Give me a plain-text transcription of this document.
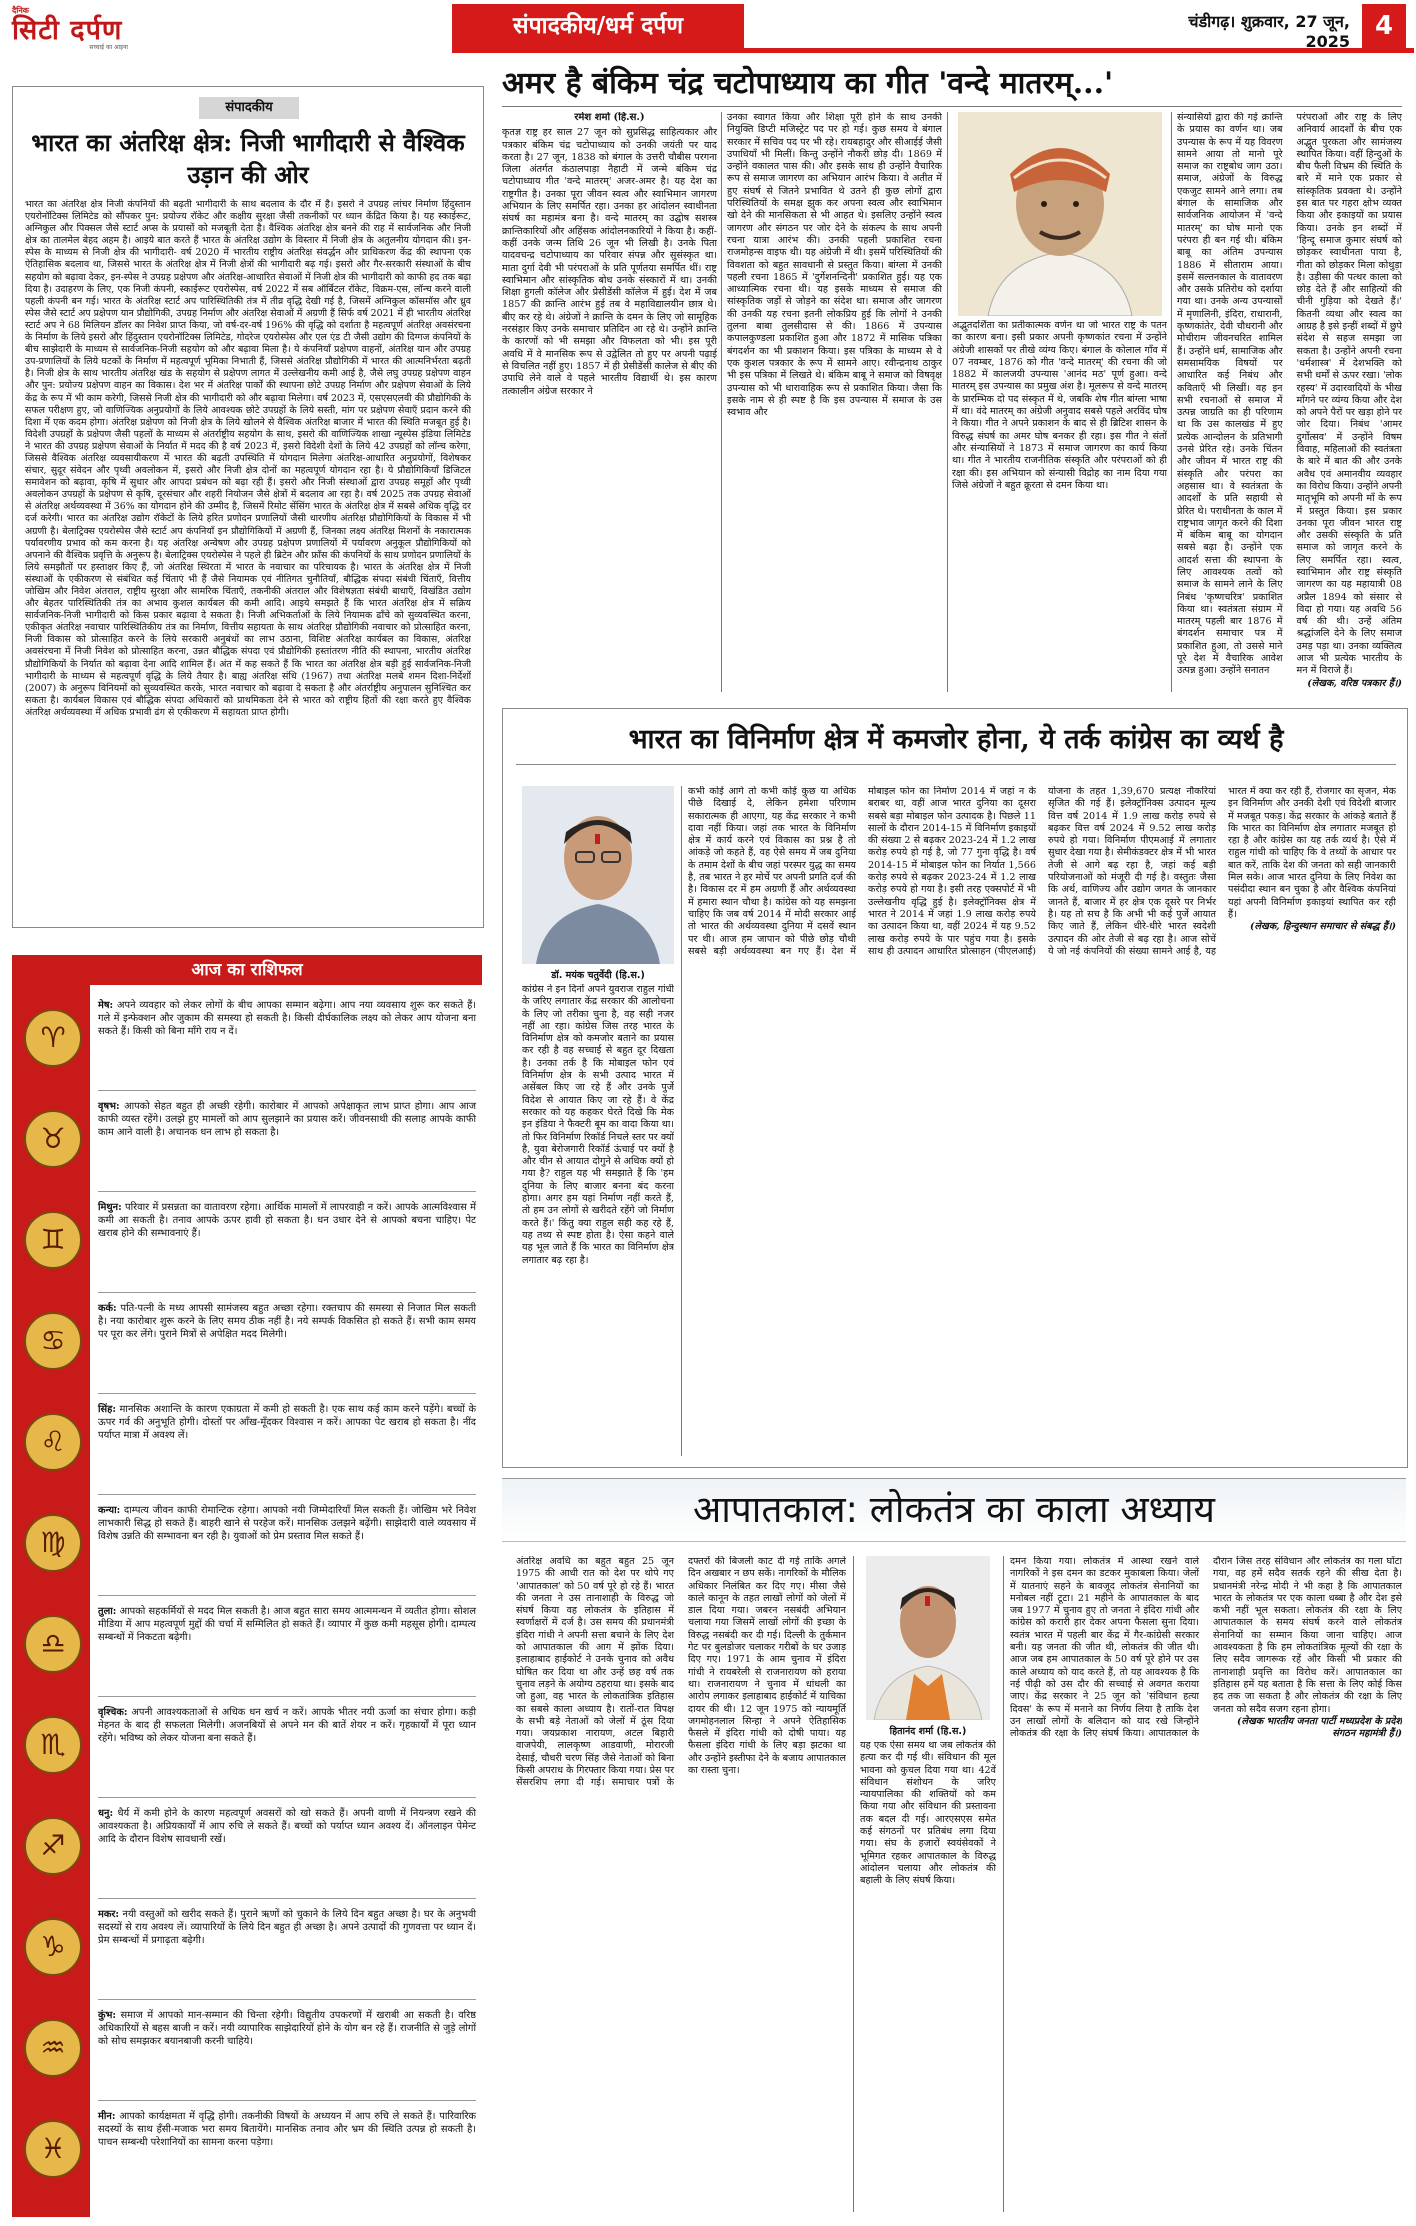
दैनिक
सिटी दर्पण
सच्चाई का आइना
संपादकीय/धर्म दर्पण	चंडीगढ़। शुक्रवार, 27 जून, 2025
4
संपादकीय
भारत का अंतरिक्ष क्षेत्र: निजी भागीदारी से वैश्विक उड़ान की ओर
भारत का अंतरिक्ष क्षेत्र निजी कंपनियों की बढ़ती भागीदारी के साथ बदलाव के दौर में है। इसरो ने उपग्रह लांचर निर्माण हिंदुस्तान एयरोनॉटिक्स लिमिटेड को सौंपकर पुन: प्रयोज्य रॉकेट और कक्षीय सुरक्षा जैसी तकनीकों पर ध्यान केंद्रित किया है। यह स्काईरूट, अग्निकुल और पिक्सल जैसे स्टार्ट अप्स के प्रयासों को मजबूती देता है। वैश्विक अंतरिक्ष क्षेत्र बनने की राह में सार्वजनिक और निजी क्षेत्र का तालमेल बेहद अहम है। आइये बात करते हैं भारत के अंतरिक्ष उद्योग के विस्तार में निजी क्षेत्र के अतुलनीय योगदान की। इन-स्पेस के माध्यम से निजी क्षेत्र की भागीदारी- वर्ष 2020 में भारतीय राष्ट्रीय अंतरिक्ष संवर्द्धन और प्राधिकरण केंद्र की स्थापना एक ऐतिहासिक बदलाव था, जिससे भारत के अंतरिक्ष क्षेत्र में निजी क्षेत्रों की भागीदारी बढ़ गई। इसरो और गैर-सरकारी संस्थाओं के बीच सहयोग को बढ़ावा देकर, इन-स्पेस ने उपग्रह प्रक्षेपण और अंतरिक्ष-आधारित सेवाओं में निजी क्षेत्र की भागीदारी को काफी हद तक बढ़ा दिया है। उदाहरण के लिए, एक निजी कंपनी, स्काईरूट एयरोस्पेस, वर्ष 2022 में सब ऑर्बिटल रॉकेट, विक्रम-एस, लॉन्च करने वाली पहली कंपनी बन गई। भारत के अंतरिक्ष स्टार्ट अप पारिस्थितिकी तंत्र में तीव्र वृद्धि देखी गई है, जिसमें अग्निकुल कॉसमॉस और ध्रुव स्पेस जैसे स्टार्ट अप प्रक्षेपण यान प्रौद्योगिकी, उपग्रह निर्माण और अंतरिक्ष सेवाओं में अग्रणी हैं सिर्फ वर्ष 2021 में ही भारतीय अंतरिक्ष स्टार्ट अप ने 68 मिलियन डॉलर का निवेश प्राप्त किया, जो वर्ष-दर-वर्ष 196% की वृद्धि को दर्शाता है महत्वपूर्ण अंतरिक्ष अवसंरचना के निर्माण के लिये इसरो और हिंदुस्तान एयरोनॉटिक्स लिमिटेड, गोदरेज एयरोस्पेस और एल एंड टी जैसी उद्योग की दिग्गज कंपनियों के बीच साझेदारी के माध्यम से सार्वजनिक-निजी सहयोग को और बढ़ावा मिला है। ये कंपनियाँ प्रक्षेपण वाहनों, अंतरिक्ष यान और उपग्रह उप-प्रणालियों के लिये घटकों के निर्माण में महत्वपूर्ण भूमिका निभाती हैं, जिससे अंतरिक्ष प्रौद्योगिकी में भारत की आत्मनिर्भरता बढ़ती है। निजी क्षेत्र के साथ भारतीय अंतरिक्ष खंड के सहयोग से प्रक्षेपण लागत में उल्लेखनीय कमी आई है, जैसे लघु उपग्रह प्रक्षेपण वाहन और पुन: प्रयोज्य प्रक्षेपण वाहन का विकास। देश भर में अंतरिक्ष पार्कों की स्थापना छोटे उपग्रह निर्माण और प्रक्षेपण सेवाओं के लिये केंद्र के रूप में भी काम करेगी, जिससे निजी क्षेत्र की भागीदारी को और बढ़ावा मिलेगा। वर्ष 2023 में, एसएसएलवी की प्रौद्योगिकी के सफल परीक्षण हुए, जो वाणिज्यिक अनुप्रयोगों के लिये आवश्यक छोटे उपग्रहों के लिये सस्ती, मांग पर प्रक्षेपण सेवाएँ प्रदान करने की दिशा में एक कदम होगा। अंतरिक्ष प्रक्षेपण को निजी क्षेत्र के लिये खोलने से वैश्विक अंतरिक्ष बाजार में भारत की स्थिति मजबूत हुई है। विदेशी उपग्रहों के प्रक्षेपण जैसी पहलों के माध्यम से अंतर्राष्ट्रीय सहयोग के साथ, इसरो की वाणिज्यिक शाखा न्यूस्पेस इंडिया लिमिटेड ने भारत की उपग्रह प्रक्षेपण सेवाओं के निर्यात में मदद की है वर्ष 2023 में, इसरो विदेशी देशों के लिये 42 उपग्रहों को लॉन्च करेगा, जिससे वैश्विक अंतरिक्ष व्यवसायीकरण में भारत की बढ़ती उपस्थिति में योगदान मिलेगा अंतरिक्ष-आधारित अनुप्रयोगों, विशेषकर संचार, सुदूर संवेदन और पृथ्वी अवलोकन में, इसरो और निजी क्षेत्र दोनों का महत्वपूर्ण योगदान रहा है। ये प्रौद्योगिकियाँ डिजिटल समावेशन को बढ़ावा, कृषि में सुधार और आपदा प्रबंधन को बढ़ा रही हैं। इसरो और निजी संस्थाओं द्वारा उपग्रह समूहों और पृथ्वी अवलोकन उपग्रहों के प्रक्षेपण से कृषि, दूरसंचार और शहरी नियोजन जैसे क्षेत्रों में बदलाव आ रहा है। वर्ष 2025 तक उपग्रह सेवाओं से अंतरिक्ष अर्थव्यवस्था में 36% का योगदान होने की उम्मीद है, जिसमें रिमोट सेंसिंग भारत के अंतरिक्ष क्षेत्र में सबसे अधिक वृद्धि दर दर्ज करेगी। भारत का अंतरिक्ष उद्योग रॉकेटों के लिये हरित प्रणोदन प्रणालियों जैसी धारणीय अंतरिक्ष प्रौद्योगिकियों के विकास में भी अग्रणी है। बेलाट्रिक्स एयरोस्पेस जैसे स्टार्ट अप कंपनियाँ इन प्रौद्योगिकियों में अग्रणी हैं, जिनका लक्ष्य अंतरिक्ष मिशनों के नकारात्मक पर्यावरणीय प्रभाव को कम करना है। यह अंतरिक्ष अन्वेषण और उपग्रह प्रक्षेपण प्रणालियों में पर्यावरण अनुकूल प्रौद्योगिकियों को अपनाने की वैश्विक प्रवृत्ति के अनुरूप है। बेलाट्रिक्स एयरोस्पेस ने पहले ही ब्रिटेन और फ्राँस की कंपनियों के साथ प्रणोदन प्रणालियों के लिये समझौतों पर हस्ताक्षर किए हैं, जो अंतरिक्ष स्थिरता में भारत के नवाचार का परिचायक है। भारत के अंतरिक्ष क्षेत्र में निजी संस्थाओं के एकीकरण से संबंधित कई चिंताएं भी हैं जैसे नियामक एवं नीतिगत चुनौतियाँ, बौद्धिक संपदा संबंधी चिंताएँ, वित्तीय जोखिम और निवेश अंतराल, राष्ट्रीय सुरक्षा और सामरिक चिंताएँ, तकनीकी अंतराल और विशेषज्ञता संबंधी बाधाएँ, विखंडित उद्योग और बेहतर पारिस्थितिकी तंत्र का अभाव कुशल कार्यबल की कमी आदि। आइये समझते हैं कि भारत अंतरिक्ष क्षेत्र में सक्रिय सार्वजनिक-निजी भागीदारी को किस प्रकार बढ़ावा दे सकता है। निजी अभिकर्ताओं के लिये नियामक ढाँचे को सुव्यवस्थित करना, एकीकृत अंतरिक्ष नवाचार पारिस्थितिकीय तंत्र का निर्माण, वित्तीय सहायता के साथ अंतरिक्ष प्रौद्योगिकी नवाचार को प्रोत्साहित करना, निजी विकास को प्रोत्साहित करने के लिये सरकारी अनुबंधों का लाभ उठाना, विशिष्ट अंतरिक्ष कार्यबल का विकास, अंतरिक्ष अवसंरचना में निजी निवेश को प्रोत्साहित करना, उन्नत बौद्धिक संपदा एवं प्रौद्योगिकी हस्तांतरण नीति की स्थापना, भारतीय अंतरिक्ष प्रौद्योगिकियों के निर्यात को बढ़ावा देना आदि शामिल हैं। अंत में कह सकते हैं कि भारत का अंतरिक्ष क्षेत्र बड़ी हुई सार्वजनिक-निजी भागीदारी के माध्यम से महत्वपूर्ण वृद्धि के लिये तैयार है। बाह्य अंतरिक्ष संधि (1967) तथा अंतरिक्ष मलबे शमन दिशा-निर्देशों (2007) के अनुरूप विनियमों को सुव्यवस्थित करके, भारत नवाचार को बढ़ावा दे सकता है और अंतर्राष्ट्रीय अनुपालन सुनिश्चित कर सकता है। कार्यबल विकास एवं बौद्धिक संपदा अधिकारों को प्राथमिकता देने से भारत को राष्ट्रीय हितों की रक्षा करते हुए वैश्विक अंतरिक्ष अर्थव्यवस्था में अधिक प्रभावी ढंग से एकीकरण में सहायता प्राप्त होगी।
आज का राशिफल
♈
मेष: अपने व्यवहार को लेकर लोगों के बीच आपका सम्मान बढ़ेगा। आप नया व्यवसाय शुरू कर सकते हैं। गले में इन्फेक्शन और जुकाम की समस्या हो सकती है। किसी दीर्घकालिक लक्ष्य को लेकर आप योजना बना सकते हैं। किसी को बिना माँगे राय न दें।
♉
वृषभ: आपको सेहत बहुत ही अच्छी रहेगी। कारोबार में आपको अपेक्षाकृत लाभ प्राप्त होगा। आप आज काफी व्यस्त रहेंगे। उलझे हुए मामलों को आप सुलझाने का प्रयास करें। जीवनसाथी की सलाह आपके काफी काम आने वाली है। अचानक धन लाभ हो सकता है।
♊
मिथुन: परिवार में प्रसन्नता का वातावरण रहेगा। आर्थिक मामलों में लापरवाही न करें। आपके आत्मविश्वास में कमी आ सकती है। तनाव आपके ऊपर हावी हो सकता है। धन उधार देने से आपको बचना चाहिए। पेट खराब होने की सम्भावनाएं हैं।
♋
कर्क: पति-पत्नी के मध्य आपसी सामंजस्य बहुत अच्छा रहेगा। रक्तचाप की समस्या से निजात मिल सकती है। नया कारोबार शुरू करने के लिए समय ठीक नहीं है। नये सम्पर्क विकसित हो सकते हैं। सभी काम समय पर पूरा कर लेंगे। पुराने मित्रों से अपेक्षित मदद मिलेगी।
♌
सिंह: मानसिक अशान्ति के कारण एकाग्रता में कमी हो सकती है। एक साथ कई काम करने पड़ेंगे। बच्चों के ऊपर गर्व की अनुभूति होगी। दोस्तों पर आँख-मूँदकर विश्वास न करें। आपका पेट खराब हो सकता है। नींद पर्याप्त मात्रा में अवश्य लें।
♍
कन्या: दाम्पत्य जीवन काफी रोमान्टिक रहेगा। आपको नयी जिम्मेदारियाँ मिल सकती हैं। जोखिम भरे निवेश लाभकारी सिद्ध हो सकते हैं। बाहरी खाने से परहेज करें। मानसिक उलझने बढ़ेंगी। साझेदारी वाले व्यवसाय में विशेष उन्नति की सम्भावना बन रही है। युवाओं को प्रेम प्रस्ताव मिल सकते हैं।
♎
तुला: आपको सहकर्मियों से मदद मिल सकती है। आज बहुत सारा समय आत्ममन्थन में व्यतीत होगा। सोशल मीडिया में आप महत्वपूर्ण मुद्दों की चर्चा में सम्मिलित हो सकते हैं। व्यापार में कुछ कमी महसूस होगी। दाम्पत्य सम्बन्धों में निकटता बढ़ेगी।
♏
वृश्चिक: अपनी आवश्यकताओं से अधिक धन खर्च न करें। आपके भीतर नयी ऊर्जा का संचार होगा। कड़ी मेहनत के बाद ही सफलता मिलेगी। अजनबियों से अपने मन की बातें शेयर न करें। गृहकार्यों में पूरा ध्यान रहेंगे। भविष्य को लेकर योजना बना सकते हैं।
♐
धनु: धैर्य में कमी होने के कारण महत्वपूर्ण अवसरों को खो सकते हैं। अपनी वाणी में नियन्त्रण रखने की आवश्यकता है। अप्रियकार्यों में आप रुचि ले सकते हैं। बच्चों को पर्याप्त ध्यान अवश्य दें। ऑनलाइन पेमेन्ट आदि के दौरान विशेष सावधानी रखें।
♑
मकर: नयी वस्तुओं को खरीद सकते हैं। पुराने ऋणों को चुकाने के लिये दिन बहुत अच्छा है। घर के अनुभवी सदस्यों से राय अवश्य लें। व्यापारियों के लिये दिन बहुत ही अच्छा है। अपने उत्पादों की गुणवत्ता पर ध्यान दें। प्रेम सम्बन्धों में प्रगाढ़ता बढ़ेगी।
♒
कुंभ: समाज में आपको मान-सम्मान की चिन्ता रहेगी। विद्युतीय उपकरणों में खराबी आ सकती है। वरिष्ठ अधिकारियों से बहस बाजी न करें। नयी व्यापारिक साझेदारियों होने के योग बन रहे हैं। राजनीति से जुड़े लोगों को सोच समझकर बयानबाजी करनी चाहिये।
♓
मीन: आपको कार्यक्षमता में वृद्धि होगी। तकनीकी विषयों के अध्ययन में आप रुचि ले सकते हैं। पारिवारिक सदस्यों के साथ हँसी-मजाक भरा समय बितायेंगे। मानसिक तनाव और भ्रम की स्थिति उत्पन्न हो सकती है। पाचन सम्बन्धी परेशानियों का सामना करना पड़ेगा।
अमर है बंकिम चंद्र चटोपाध्याय का गीत 'वन्दे मातरम्...'
रमेश शर्मा (हि.स.)

कृतज्ञ राष्ट्र हर साल 27 जून को सुप्रसिद्ध साहित्यकार और पत्रकार बंकिम चंद्र चटोपाध्याय को उनकी जयंती पर याद करता है। 27 जून, 1838 को बंगाल के उत्तरी चौबीस परगना जिला अंतर्गत कंठालपाड़ा नैहाटी में जन्मे बंकिम चंद्र चटोपाध्याय गीत 'वन्दे मातरम्' अजर-अमर है। यह देश का राष्ट्रगीत है। उनका पूरा जीवन स्वत्व और स्वाभिमान जागरण अभियान के लिए समर्पित रहा। उनका हर आंदोलन स्वाधीनता संघर्ष का महामंत्र बना है। वन्दे मातरम् का उद्घोष सशस्त्र क्रान्तिकारियों और अहिंसक आंदोलनकारियों ने किया है। कहीं-कहीं उनके जन्म तिथि 26 जून भी लिखी है। उनके पिता यादवचन्द्र चटोपाध्याय का परिवार संपन्न और सुसंस्कृत था। माता दुर्गा देवी भी परंपराओं के प्रति पूर्णतया समर्पित थीं। राष्ट्र स्वाभिमान और सांस्कृतिक बोध उनके संस्कारों में था। उनकी शिक्षा हुगली कॉलेज और प्रेसीडेंसी कॉलेज में हुई। देश में जब 1857 की क्रान्ति आरंभ हुई तब वे महाविद्यालयीन छात्र थे। बीए कर रहे थे। अंग्रेजों ने क्रान्ति के दमन के लिए जो सामूहिक नरसंहार किए उनके समाचार प्रतिदिन आ रहे थे। उन्होंने क्रान्ति के कारणों को भी समझा और विफलता को भी। इस पूरी अवधि में वे मानसिक रूप से उद्वेलित तो हुए पर अपनी पढ़ाई से विचलित नहीं हुए। 1857 में ही प्रेसीडेंसी कालेज से बीए की उपाधि लेने वाले वे पहले भारतीय विद्यार्थी थे। इस कारण तत्कालीन अंग्रेज सरकार ने

उनका स्वागत किया और शिक्षा पूरी होने के साथ उनकी नियुक्ति डिप्टी मजिस्ट्रेट पद पर हो गई। कुछ समय वे बंगाल सरकार में सचिव पद पर भी रहे। रायबहादुर और सीआईई जैसी उपाधियाँ भी मिलीं। किन्तु उन्होंने नौकरी छोड़ दी। 1869 में उन्होंने वकालत पास की। और इसके साथ ही उन्होंने वैचारिक रूप से समाज जागरण का अभियान आरंभ किया। वे अतीत में हुए संघर्ष से जितने प्रभावित थे उतने ही कुछ लोगों द्वारा परिस्थितियों के समक्ष झुक कर अपना स्वत्व और स्वाभिमान खो देने की मानसिकता से भी आहत थे। इसलिए उन्होंने स्वत्व जागरण और संगठन पर जोर देने के संकल्प के साथ अपनी रचना यात्रा आरंभ की। उनकी पहली प्रकाशित रचना राजमोहन्स वाइफ थी। यह अंग्रेजी में थी। इसमें परिस्थितियों की विवशता को बहुत सावधानी से प्रस्तुत किया। बांग्ला में उनकी पहली रचना 1865 में 'दुर्गेशनन्दिनी' प्रकाशित हुई। यह एक आध्यात्मिक रचना थी। यह इसके माध्यम से समाज की सांस्कृतिक जड़ों से जोड़ने का संदेश था। समाज और जागरण की उनकी यह रचना इतनी लोकप्रिय हुई कि लोगों ने उनकी तुलना बाबा तुलसीदास से की। 1866 में उपन्यास कपालकुण्डला प्रकाशित हुआ और 1872 में मासिक पत्रिका बंगदर्शन का भी प्रकाशन किया। इस पत्रिका के माध्यम से वे एक कुशल पत्रकार के रूप में सामने आए। रवीन्द्रनाथ ठाकुर भी इस पत्रिका में लिखते थे। बंकिम बाबू ने समाज को विषवृक्ष उपन्यास को भी धारावाहिक रूप से प्रकाशित किया। जैसा कि इसके नाम से ही स्पष्ट है कि इस उपन्यास में समाज के उस स्वभाव और

अद्भुतदर्शिता का प्रतीकात्मक वर्णन था जो भारत राष्ट्र के पतन का कारण बना। इसी प्रकार अपनी कृष्णकांत रचना में उन्होंने अंग्रेजी शासकों पर तीखे व्यंग्य किए। बंगाल के कोलाल गाँव में 07 नवम्बर, 1876 को गीत 'वन्दे मातरम्' की रचना की जो 1882 में कालजयी उपन्यास 'आनंद मठ' पूर्ण हुआ। वन्दे मातरम् इस उपन्यास का प्रमुख अंश है। मूलरूप से वन्दे मातरम् के प्रारम्भिक दो पद संस्कृत में थे, जबकि शेष गीत बांग्ला भाषा में था। वंदे मातरम् का अंग्रेजी अनुवाद सबसे पहले अरविंद घोष ने किया। गीत ने अपने प्रकाशन के बाद से ही ब्रिटिश शासन के विरुद्ध संघर्ष का अमर घोष बनकर ही रहा। इस गीत ने संतों और संन्यासियों ने 1873 में समाज जागरण का कार्य किया था। गीत ने भारतीय राजनीतिक संस्कृति और परंपराओं को ही रक्षा की। इस अभियान को संन्यासी विद्रोह का नाम दिया गया जिसे अंग्रेजों ने बहुत क्रूरता से दमन किया था।

संन्यासियों द्वारा की गई क्रान्ति के प्रयास का वर्णन था। जब उपन्यास के रूप में यह विवरण सामने आया तो मानो पूरे समाज का राष्ट्रबोध जाग उठा। समाज, अंग्रेजों के विरुद्ध एकजुट सामने आने लगा। तब बंगाल के सामाजिक और सार्वजनिक आयोजन में 'वन्दे मातरम्' का घोष मानो एक परंपरा ही बन गई थी। बंकिम बाबू का अंतिम उपन्यास 1886 में सीताराम आया। इसमें सल्तनकाल के वातावरण और उसके प्रतिरोध को दर्शाया गया था। उनके अन्य उपन्यासों में मृणालिनी, इंदिरा, राधारानी, कृष्णकांतेर, देवी चौधरानी और मोचीराम जीवनचरित शामिल हैं। उन्होंने धर्म, सामाजिक और समसामयिक विषयों पर आधारित कई निबंध और कविताएँ भी लिखीं। वह इन सभी रचनाओं से समाज में उत्पन्न जाग्रति का ही परिणाम था कि उस कालखंड में हुए प्रत्येक आन्दोलन के प्रतिभागी उनसे प्रेरित रहे। उनके चिंतन और जीवन में भारत राष्ट्र की संस्कृति और परंपरा का अहसास था। वे स्वतंत्रता के आदर्शों के प्रति सहायी से प्रेरित थे। पराधीनता के काल में राष्ट्रभाव जागृत करने की दिशा में बंकिम बाबू का योगदान सबसे बढ़ा है। उन्होंने एक आदर्श सत्ता की स्थापना के लिए आवश्यक तत्वों को समाज के सामने लाने के लिए निबंध 'कृष्णचरित्र' प्रकाशित किया था। स्वतंत्रता संग्राम में मातरम् पहली बार 1876 में बंगदर्शन समाचार पत्र में प्रकाशित हुआ, तो उससे माने पूरे देश में वैचारिक आवेश उत्पन्न हुआ। उन्होंने सनातन

परंपराओं और राष्ट्र के लिए अनिवार्य आदर्शों के बीच एक अद्भुत पुरकता और सामंजस्य स्थापित किया। वहीं हिन्दुओं के बीच फैली विभ्रम की स्थिति के बारे में माने एक प्रकार से सांस्कृतिक प्रवक्ता थे। उन्होंने इस बात पर गहरा क्षोभ व्यक्त किया और इकाइयों का प्रयास किया। उनके इन शब्दों में 'हिन्दू समाज कुमार संघर्ष को छोड़कर स्वाधीनता पाया है, गीता को छोड़कर मिला कोथुड़ा है। उड़ीसा की पत्थर काला को छोड़ देते हैं और साहित्यों की चीनी गुड़िया को देखते हैं।' कितनी व्यथा और स्वत्व का आग्रह है इसे इन्हीं शब्दों में छुपे संदेश से सहज समझा जा सकता है। उन्होंने अपनी रचना 'धर्मशास्त्र' में देशभक्ति को सभी धर्मों से ऊपर रखा। 'लोक रहस्य' में उदारवादियों के भीख माँगने पर व्यंग्य किया और देश को अपने पैरों पर खड़ा होने पर जोर दिया। निबंध 'आमर दुर्गोत्सव' में उन्होंने विषम विवाह, महिलाओं की स्वतंत्रता के बारे में बात की और उनके अवैध एवं अमानवीय व्यवहार का विरोध किया। उन्होंने अपनी मातृभूमि को अपनी माँ के रूप में प्रस्तुत किया। इस प्रकार उनका पूरा जीवन भारत राष्ट्र और उसकी संस्कृति के प्रति समाज को जागृत करने के लिए समर्पित रहा। स्वत्व, स्वाभिमान और राष्ट्र संस्कृति जागरण का यह महायात्री 08 अप्रैल 1894 को संसार से विदा हो गया। यह अवधि 56 वर्ष की थी। उन्हें अंतिम श्रद्धांजलि देने के लिए समाज उमड़ पड़ा था। उनका व्यक्तित्व आज भी प्रत्येक भारतीय के मन में विराजे हैं।

(लेखक, वरिष्ठ पत्रकार हैं।)

भारत का विनिर्माण क्षेत्र में कमजोर होना, ये तर्क कांग्रेस का व्यर्थ है
डॉ. मयंक चतुर्वेदी (हि.स.)

कांग्रेस ने इन दिनों अपने युवराज राहुल गांधी के जरिए लगातार केंद्र सरकार की आलोचना के लिए जो तरीका चुना है, वह सही नजर नहीं आ रहा। कांग्रेस जिस तरह भारत के विनिर्माण क्षेत्र को कमजोर बताने का प्रयास कर रही है वह सच्चाई से बहुत दूर दिखता है। उनका तर्क है कि मोबाइल फोन एवं विनिर्माण क्षेत्र के सभी उत्पाद भारत में असेंबल किए जा रहे हैं और उनके पुर्जे विदेश से आयात किए जा रहे हैं। वे केंद्र सरकार को यह कहकर घेरते दिखे कि मेक इन इंडिया ने फैक्टरी बूम का वादा किया था। तो फिर विनिर्माण रिकॉर्ड निचले स्तर पर क्यों है, युवा बेरोजगारी रिकॉर्ड ऊंचाई पर क्यों है और चीन से आयात दोगुने से अधिक क्यों हो गया है? राहुल यह भी समझाते हैं कि 'हम दुनिया के लिए बाजार बनना बंद करना होगा। अगर हम यहां निर्माण नहीं करते हैं, तो हम उन लोगों से खरीदते रहेंगे जो निर्माण करते हैं।' किंतु क्या राहुल सही कह रहे हैं, यह तथ्य से स्पष्ट होता है। ऐसा कहने वाले यह भूल जाते हैं कि भारत का विनिर्माण क्षेत्र लगातार बढ़ रहा है।

कभी कोई आगे तो कभी कोई कुछ या अधिक पीछे दिखाई दे, लेकिन हमेशा परिणाम सकारात्मक ही आएगा, यह केंद्र सरकार ने कभी दावा नहीं किया। जहां तक भारत के विनिर्माण क्षेत्र में कार्य करने एवं विकास का प्रश्न है तो आंकड़े जो कहते हैं, वह ऐसे समय में जब दुनिया के तमाम देशों के बीच जहां परस्पर युद्ध का समय है, तब भारत ने हर मोर्चे पर अपनी प्रगति दर्ज की है। विकास दर में हम अग्रणी हैं और अर्थव्यवस्था में हमारा स्थान चौथा है। कांग्रेस को यह समझना चाहिए कि जब वर्ष 2014 में मोदी सरकार आई तो भारत की अर्थव्यवस्था दुनिया में दसवें स्थान पर थी। आज हम जापान को पीछे छोड़ चौथी सबसे बड़ी अर्थव्यवस्था बन गए हैं। देश में मोबाइल फोन का निर्माण 2014 में जहां न के बराबर था, वहीं आज भारत दुनिया का दूसरा सबसे बड़ा मोबाइल फोन उत्पादक है। पिछले 11 सालों के दौरान 2014-15 में विनिर्माण इकाइयों की संख्या 2 से बढ़कर 2023-24 में 1.2 लाख करोड़ रुपये हो गई है, जो 77 गुना वृद्धि है। वर्ष 2014-15 में मोबाइल फोन का निर्यात 1,566 करोड़ रुपये से बढ़कर 2023-24 में 1.2 लाख करोड़ रुपये हो गया है। इसी तरह एक्सपोर्ट में भी उल्लेखनीय वृद्धि हुई है। इलेक्ट्रॉनिक्स क्षेत्र में भारत ने 2014 में जहां 1.9 लाख करोड़ रुपये का उत्पादन किया था, वहीं 2024 में यह 9.52 लाख करोड़ रुपये के पार पहुंच गया है। इसके साथ ही उत्पादन आधारित प्रोत्साहन (पीएलआई) योजना के तहत 1,39,670 प्रत्यक्ष नौकरियां सृजित की गई हैं। इलेक्ट्रॉनिक्स उत्पादन मूल्य वित्त वर्ष 2014 में 1.9 लाख करोड़ रुपये से बढ़कर वित्त वर्ष 2024 में 9.52 लाख करोड़ रुपये हो गया। विनिर्माण पीएमआई में लगातार सुधार देखा गया है। सेमीकंडक्टर क्षेत्र में भी भारत तेजी से आगे बढ़ रहा है, जहां कई बड़ी परियोजनाओं को मंजूरी दी गई है। वस्तुतः जैसा कि अर्थ, वाणिज्य और उद्योग जगत के जानकार जानते हैं, बाजार में हर क्षेत्र एक दूसरे पर निर्भर है। यह तो सच है कि अभी भी कई पुर्जे आयात किए जाते हैं, लेकिन धीरे-धीरे भारत स्वदेशी उत्पादन की ओर तेजी से बढ़ रहा है। आज सोचें ये जो नई कंपनियों की संख्या सामने आई है, यह भारत में क्या कर रही हैं, रोजगार का सृजन, मेक इन विनिर्माण और उनकी देशी एवं विदेशी बाजार में मजबूत पकड़। केंद्र सरकार के आंकड़े बताते हैं कि भारत का विनिर्माण क्षेत्र लगातार मजबूत हो रहा है और कांग्रेस का यह तर्क व्यर्थ है। ऐसे में राहुल गांधी को चाहिए कि वे तथ्यों के आधार पर बात करें, ताकि देश की जनता को सही जानकारी मिल सके। आज भारत दुनिया के लिए निवेश का पसंदीदा स्थान बन चुका है और वैश्विक कंपनियां यहां अपनी विनिर्माण इकाइयां स्थापित कर रही हैं।

(लेखक, हिन्दुस्थान समाचार से संबद्ध हैं।)

आपातकाल: लोकतंत्र का काला अध्याय

अंतरिक्ष अवधि का बहुत बहुत 25 जून 1975 की आधी रात को देश पर थोपे गए 'आपातकाल' को 50 वर्ष पूरे हो रहे हैं। भारत की जनता ने उस तानाशाही के विरुद्ध जो संघर्ष किया वह लोकतंत्र के इतिहास में स्वर्णाक्षरों में दर्ज है। उस समय की प्रधानमंत्री इंदिरा गांधी ने अपनी सत्ता बचाने के लिए देश को आपातकाल की आग में झोंक दिया। इलाहाबाद हाईकोर्ट ने उनके चुनाव को अवैध घोषित कर दिया था और उन्हें छह वर्ष तक चुनाव लड़ने के अयोग्य ठहराया था। इसके बाद जो हुआ, वह भारत के लोकतांत्रिक इतिहास का सबसे काला अध्याय है। रातों-रात विपक्ष के सभी बड़े नेताओं को जेलों में ठूंस दिया गया। जयप्रकाश नारायण, अटल बिहारी वाजपेयी, लालकृष्ण आडवाणी, मोरारजी देसाई, चौधरी चरण सिंह जैसे नेताओं को बिना किसी अपराध के गिरफ्तार किया गया। प्रेस पर सेंसरशिप लगा दी गई। समाचार पत्रों के दफ्तरों की बिजली काट दी गई ताकि अगले दिन अखबार न छप सकें। नागरिकों के मौलिक अधिकार निलंबित कर दिए गए। मीसा जैसे काले कानून के तहत लाखों लोगों को जेलों में डाल दिया गया। जबरन नसबंदी अभियान चलाया गया जिसमें लाखों लोगों की इच्छा के विरुद्ध नसबंदी कर दी गई। दिल्ली के तुर्कमान गेट पर बुलडोजर चलाकर गरीबों के घर उजाड़ दिए गए। 1971 के आम चुनाव में इंदिरा गांधी ने रायबरेली से राजनारायण को हराया था। राजनारायण ने चुनाव में धांधली का आरोप लगाकर इलाहाबाद हाईकोर्ट में याचिका दायर की थी। 12 जून 1975 को न्यायमूर्ति जगमोहनलाल सिन्हा ने अपने ऐतिहासिक फैसले में इंदिरा गांधी को दोषी पाया। यह फैसला इंदिरा गांधी के लिए बड़ा झटका था और उन्होंने इस्तीफा देने के बजाय आपातकाल का रास्ता चुना।

हितानंद शर्मा (हि.स.)

यह एक ऐसा समय था जब लोकतंत्र की हत्या कर दी गई थी। संविधान की मूल भावना को कुचल दिया गया था। 42वें संविधान संशोधन के जरिए न्यायपालिका की शक्तियों को कम किया गया और संविधान की प्रस्तावना तक बदल दी गई। आरएसएस समेत कई संगठनों पर प्रतिबंध लगा दिया गया। संघ के हजारों स्वयंसेवकों ने भूमिगत रहकर आपातकाल के विरुद्ध आंदोलन चलाया और लोकतंत्र की बहाली के लिए संघर्ष किया।

दमन किया गया। लोकतंत्र में आस्था रखने वाले नागरिकों ने इस दमन का डटकर मुकाबला किया। जेलों में यातनाएं सहने के बावजूद लोकतंत्र सेनानियों का मनोबल नहीं टूटा। 21 महीने के आपातकाल के बाद जब 1977 में चुनाव हुए तो जनता ने इंदिरा गांधी और कांग्रेस को करारी हार देकर अपना फैसला सुना दिया। स्वतंत्र भारत में पहली बार केंद्र में गैर-कांग्रेसी सरकार बनी। यह जनता की जीत थी, लोकतंत्र की जीत थी। आज जब हम आपातकाल के 50 वर्ष पूरे होने पर उस काले अध्याय को याद करते हैं, तो यह आवश्यक है कि नई पीढ़ी को उस दौर की सच्चाई से अवगत कराया जाए। केंद्र सरकार ने 25 जून को 'संविधान हत्या दिवस' के रूप में मनाने का निर्णय लिया है ताकि देश उन लाखों लोगों के बलिदान को याद रखे जिन्होंने लोकतंत्र की रक्षा के लिए संघर्ष किया। आपातकाल के दौरान जिस तरह संविधान और लोकतंत्र का गला घोंटा गया, वह हमें सदैव सतर्क रहने की सीख देता है। प्रधानमंत्री नरेन्द्र मोदी ने भी कहा है कि आपातकाल भारत के लोकतंत्र पर एक काला धब्बा है और देश इसे कभी नहीं भूल सकता। लोकतंत्र की रक्षा के लिए आपातकाल के समय संघर्ष करने वाले लोकतंत्र सेनानियों का सम्मान किया जाना चाहिए। आज आवश्यकता है कि हम लोकतांत्रिक मूल्यों की रक्षा के लिए सदैव जागरूक रहें और किसी भी प्रकार की तानाशाही प्रवृत्ति का विरोध करें। आपातकाल का इतिहास हमें यह बताता है कि सत्ता के लिए कोई किस हद तक जा सकता है और लोकतंत्र की रक्षा के लिए जनता को सदैव सजग रहना होगा।

(लेखक भारतीय जनता पार्टी मध्यप्रदेश के प्रदेश संगठन महामंत्री हैं।)
